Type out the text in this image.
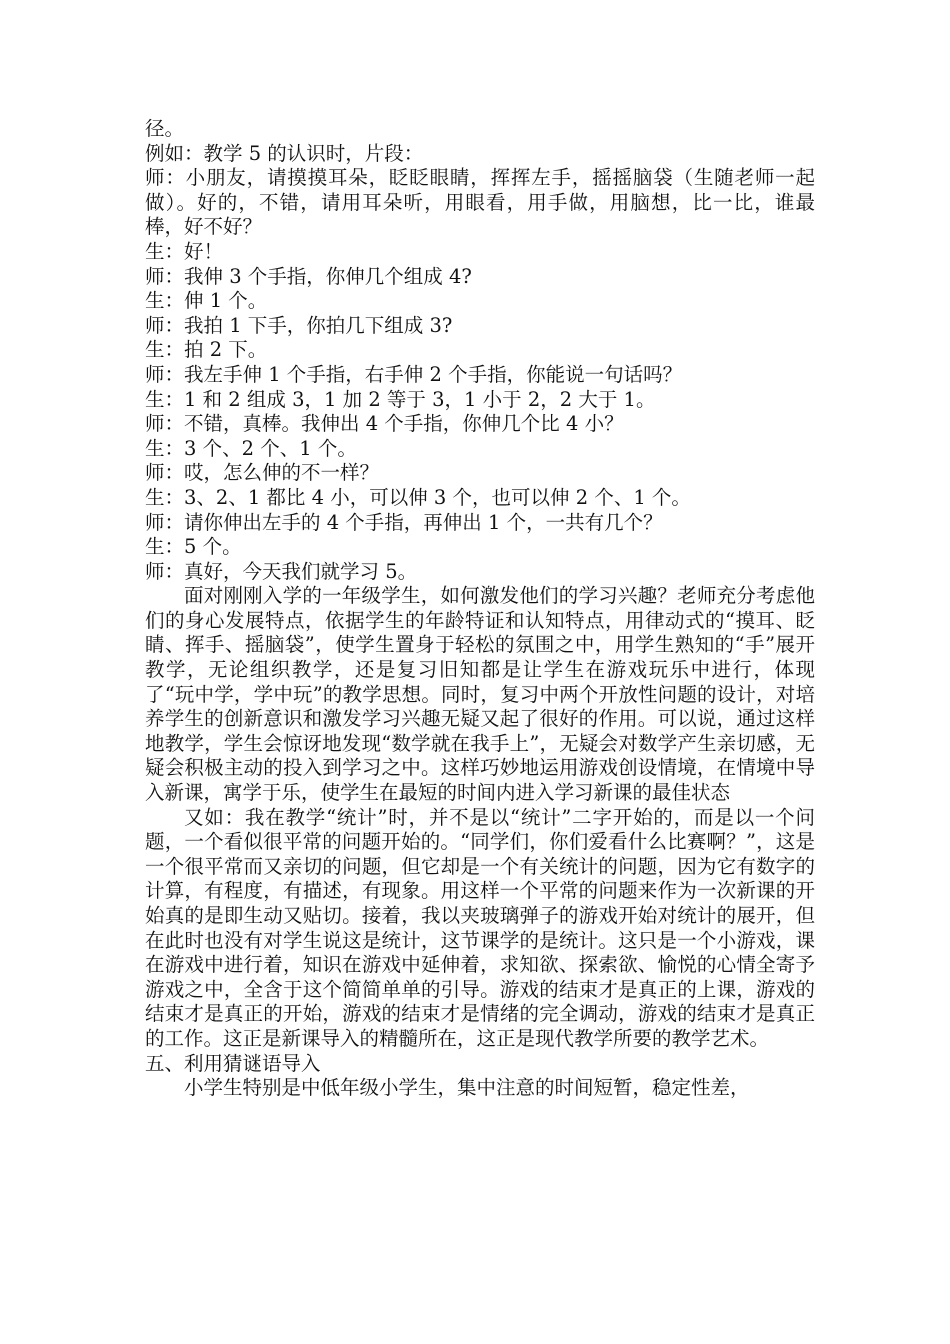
径。
例如：教学 5 的认识时，片段：
师：小朋友，请摸摸耳朵，眨眨眼睛，挥挥左手，摇摇脑袋（生随老师一起做）。好的，不错，请用耳朵听，用眼看，用手做，用脑想，比一比，谁最棒，好不好？
生：好！
师：我伸 3 个手指，你伸几个组成 4?
生：伸 1 个。
师：我拍 1 下手，你拍几下组成 3?
生：拍 2 下。
师：我左手伸 1 个手指，右手伸 2 个手指，你能说一句话吗？
生：1 和 2 组成 3，1 加 2 等于 3，1 小于 2，2 大于 1。
师：不错，真棒。我伸出 4 个手指，你伸几个比 4 小？
生：3 个、2 个、1 个。
师：哎，怎么伸的不一样？
生：3、2、1 都比 4 小，可以伸 3 个，也可以伸 2 个、1 个。
师：请你伸出左手的 4 个手指，再伸出 1 个，一共有几个？
生：5 个。
师：真好，今天我们就学习 5。
面对刚刚入学的一年级学生，如何激发他们的学习兴趣？老师充分考虑他们的身心发展特点，依据学生的年龄特证和认知特点，用律动式的“摸耳、眨睛、挥手、摇脑袋”，使学生置身于轻松的氛围之中，用学生熟知的“手”展开教学，无论组织教学，还是复习旧知都是让学生在游戏玩乐中进行，体现了“玩中学，学中玩”的教学思想。同时，复习中两个开放性问题的设计，对培养学生的创新意识和激发学习兴趣无疑又起了很好的作用。可以说，通过这样地教学，学生会惊讶地发现“数学就在我手上”，无疑会对数学产生亲切感，无疑会积极主动的投入到学习之中。这样巧妙地运用游戏创设情境，在情境中导入新课，寓学于乐，使学生在最短的时间内进入学习新课的最佳状态
又如：我在教学“统计”时，并不是以“统计”二字开始的，而是以一个问题，一个看似很平常的问题开始的。“同学们，你们爱看什么比赛啊？”，这是一个很平常而又亲切的问题，但它却是一个有关统计的问题，因为它有数字的计算，有程度，有描述，有现象。用这样一个平常的问题来作为一次新课的开始真的是即生动又贴切。接着，我以夹玻璃弹子的游戏开始对统计的展开，但在此时也没有对学生说这是统计，这节课学的是统计。这只是一个小游戏，课在游戏中进行着，知识在游戏中延伸着，求知欲、探索欲、愉悦的心情全寄予游戏之中，全含于这个简简单单的引导。游戏的结束才是真正的上课，游戏的结束才是真正的开始，游戏的结束才是情绪的完全调动，游戏的结束才是真正的工作。这正是新课导入的精髓所在，这正是现代教学所要的教学艺术。
五、利用猜谜语导入
小学生特别是中低年级小学生，集中注意的时间短暂，稳定性差，
